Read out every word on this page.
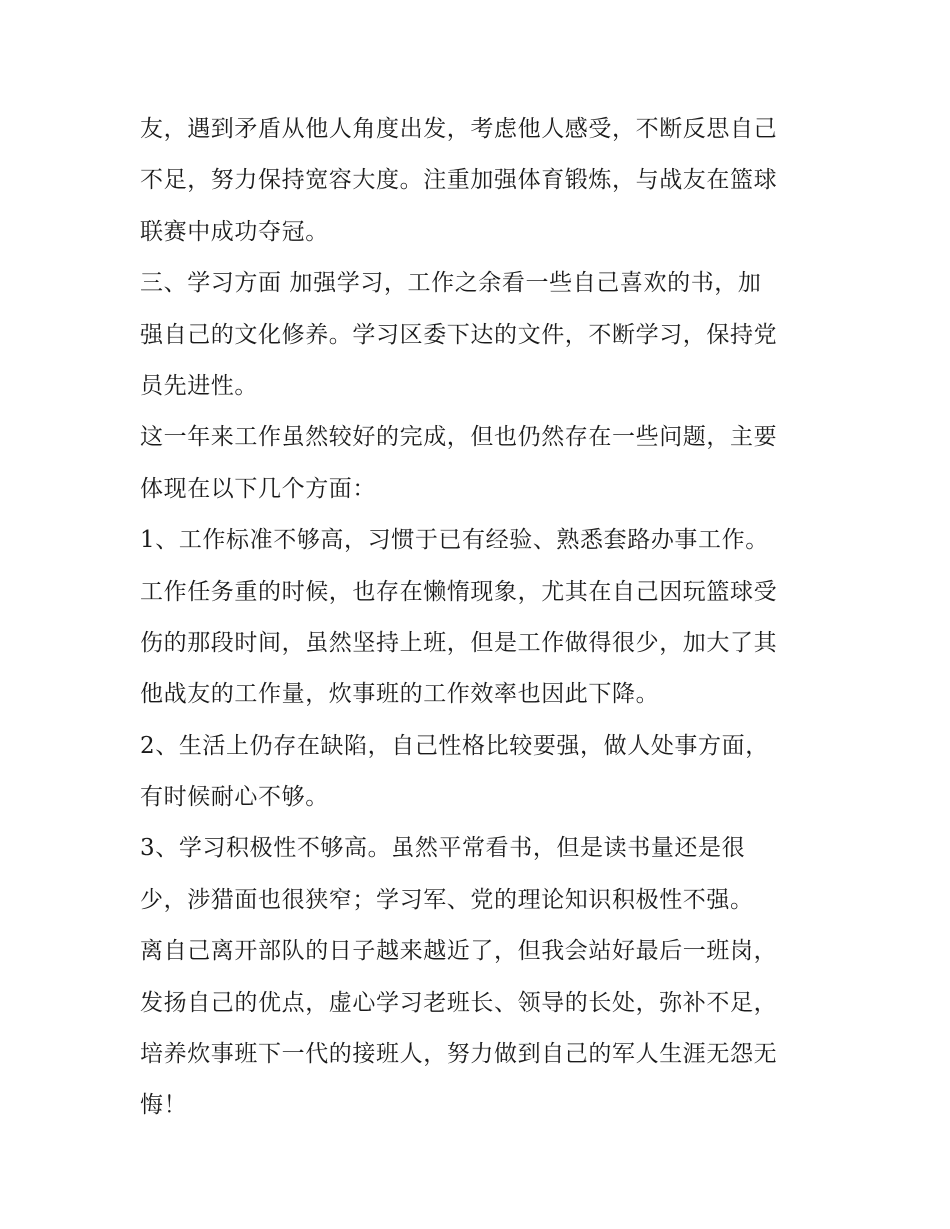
友，遇到矛盾从他人角度出发，考虑他人感受，不断反思自己
不足，努力保持宽容大度。注重加强体育锻炼，与战友在篮球
联赛中成功夺冠。
三、学习方面 加强学习，工作之余看一些自己喜欢的书，加
强自己的文化修养。学习区委下达的文件，不断学习，保持党
员先进性。
这一年来工作虽然较好的完成，但也仍然存在一些问题，主要
体现在以下几个方面：
1、工作标准不够高，习惯于已有经验、熟悉套路办事工作。
工作任务重的时候，也存在懒惰现象，尤其在自己因玩篮球受
伤的那段时间，虽然坚持上班，但是工作做得很少，加大了其
他战友的工作量，炊事班的工作效率也因此下降。
2、生活上仍存在缺陷，自己性格比较要强，做人处事方面，
有时候耐心不够。
3、学习积极性不够高。虽然平常看书，但是读书量还是很
少，涉猎面也很狭窄；学习军、党的理论知识积极性不强。
离自己离开部队的日子越来越近了，但我会站好最后一班岗，
发扬自己的优点，虚心学习老班长、领导的长处，弥补不足，
培养炊事班下一代的接班人，努力做到自己的军人生涯无怨无
悔！
